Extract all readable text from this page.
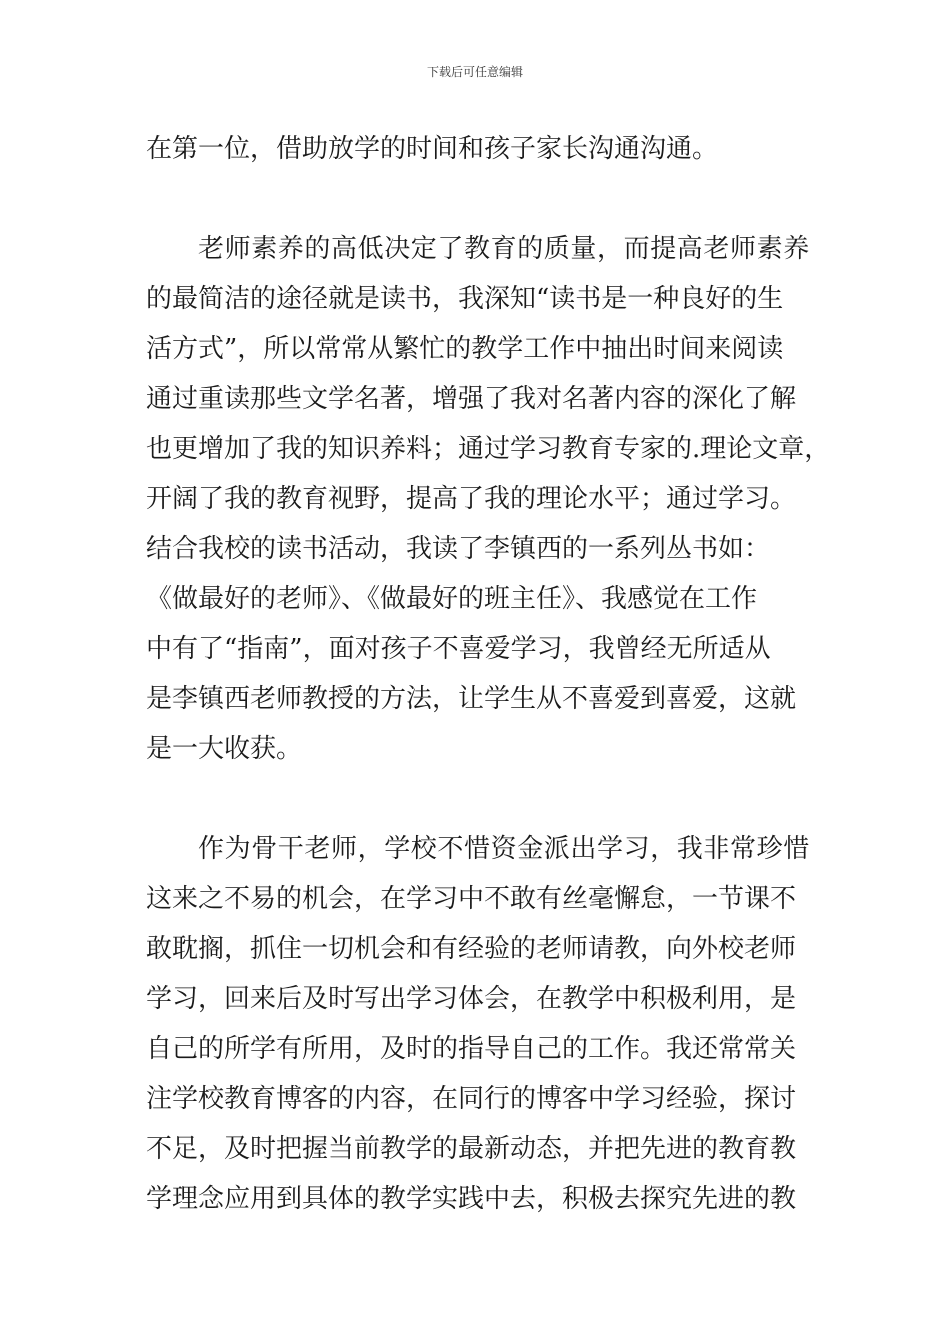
下载后可任意编辑
在第一位，借助放学的时间和孩子家长沟通沟通。
老师素养的高低决定了教育的质量，而提高老师素养
的最简洁的途径就是读书，我深知“读书是一种良好的生
活方式”，所以常常从繁忙的教学工作中抽出时间来阅读
通过重读那些文学名著，增强了我对名著内容的深化了解
也更增加了我的知识养料；通过学习教育专家的.理论文章，
开阔了我的教育视野，提高了我的理论水平；通过学习。
结合我校的读书活动，我读了李镇西的一系列丛书如：
《做最好的老师》、《做最好的班主任》、我感觉在工作
中有了“指南”，面对孩子不喜爱学习，我曾经无所适从
是李镇西老师教授的方法，让学生从不喜爱到喜爱，这就
是一大收获。
作为骨干老师，学校不惜资金派出学习，我非常珍惜
这来之不易的机会，在学习中不敢有丝毫懈怠，一节课不
敢耽搁，抓住一切机会和有经验的老师请教，向外校老师
学习，回来后及时写出学习体会，在教学中积极利用，是
自己的所学有所用，及时的指导自己的工作。我还常常关
注学校教育博客的内容，在同行的博客中学习经验，探讨
不足，及时把握当前教学的最新动态，并把先进的教育教
学理念应用到具体的教学实践中去，积极去探究先进的教
